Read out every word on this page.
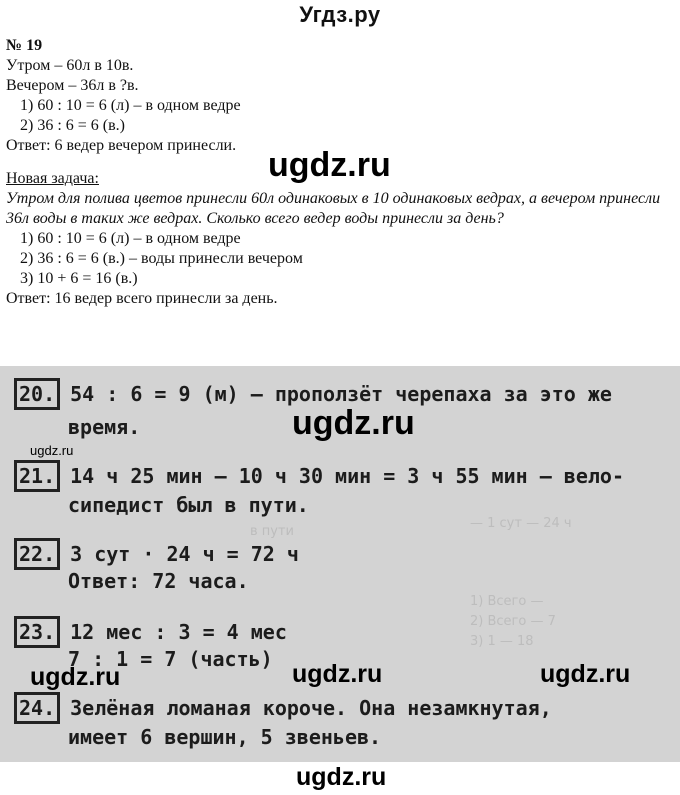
Угдз.ру
№ 19
Утром – 60л в 10в.
Вечером – 36л в ?в.
1) 60 : 10 = 6 (л) – в одном ведре
2) 36 : 6 = 6 (в.)
Ответ: 6 ведер вечером принесли.
Новая задача:
Утром для полива цветов принесли 60л одинаковых в 10 одинаковых ведрах, а вечером принесли 36л воды в таких же ведрах. Сколько всего ведер воды принесли за день?
1) 60 : 10 = 6 (л) – в одном ведре
2) 36 : 6 = 6 (в.) – воды принесли вечером
3) 10 + 6 = 16 (в.)
Ответ: 16 ведер всего принесли за день.
— 1 сут — 24 ч
в пути
1) Всего —
2) Всего — 7
3) 1 — 18
20. 54 : 6 = 9 (м) — проползёт черепаха за это же
время.
21. 14 ч 25 мин – 10 ч 30 мин = 3 ч 55 мин — вело-
сипедист был в пути.
22. 3 сут · 24 ч = 72 ч
Ответ: 72 часа.
23. 12 мес : 3 = 4 мес
7 : 1 = 7 (часть)
24. Зелёная ломаная короче. Она незамкнутая,
имеет 6 вершин, 5 звеньев.
ugdz.ru
ugdz.ru
ugdz.ru
ugdz.ru	ugdz.ru	ugdz.ru
ugdz.ru
